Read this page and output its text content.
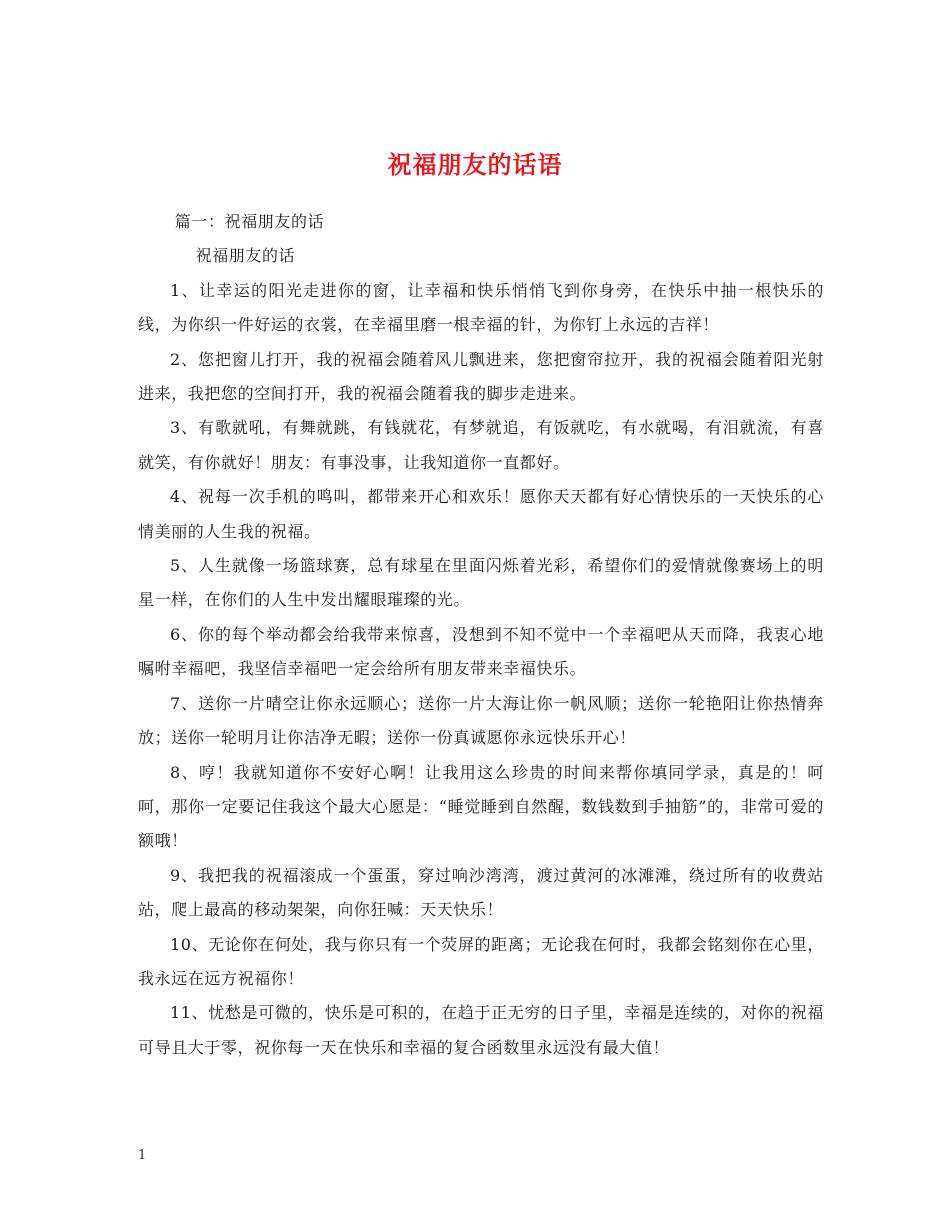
祝福朋友的话语

篇一：祝福朋友的话

祝福朋友的话

1、让幸运的阳光走进你的窗，让幸福和快乐悄悄飞到你身旁，在快乐中抽一根快乐的线，为你织一件好运的衣裳，在幸福里磨一根幸福的针，为你钉上永远的吉祥！

2、您把窗儿打开，我的祝福会随着风儿飘进来，您把窗帘拉开，我的祝福会随着阳光射进来，我把您的空间打开，我的祝福会随着我的脚步走进来。

3、有歌就吼，有舞就跳，有钱就花，有梦就追，有饭就吃，有水就喝，有泪就流，有喜就笑，有你就好！朋友：有事没事，让我知道你一直都好。

4、祝每一次手机的鸣叫，都带来开心和欢乐！愿你天天都有好心情快乐的一天快乐的心情美丽的人生我的祝福。

5、人生就像一场篮球赛，总有球星在里面闪烁着光彩，希望你们的爱情就像赛场上的明星一样，在你们的人生中发出耀眼璀璨的光。

6、你的每个举动都会给我带来惊喜，没想到不知不觉中一个幸福吧从天而降，我衷心地嘱咐幸福吧，我坚信幸福吧一定会给所有朋友带来幸福快乐。

7、送你一片晴空让你永远顺心；送你一片大海让你一帆风顺；送你一轮艳阳让你热情奔放；送你一轮明月让你洁净无暇；送你一份真诚愿你永远快乐开心！

8、哼！我就知道你不安好心啊！让我用这么珍贵的时间来帮你填同学录，真是的！呵呵，那你一定要记住我这个最大心愿是：“睡觉睡到自然醒，数钱数到手抽筋”的，非常可爱的额哦！

9、我把我的祝福滚成一个蛋蛋，穿过响沙湾湾，渡过黄河的冰滩滩，绕过所有的收费站站，爬上最高的移动架架，向你狂喊：天天快乐！

10、无论你在何处，我与你只有一个荧屏的距离；无论我在何时，我都会铭刻你在心里，我永远在远方祝福你！

11、忧愁是可微的，快乐是可积的，在趋于正无穷的日子里，幸福是连续的，对你的祝福可导且大于零，祝你每一天在快乐和幸福的复合函数里永远没有最大值！

1
